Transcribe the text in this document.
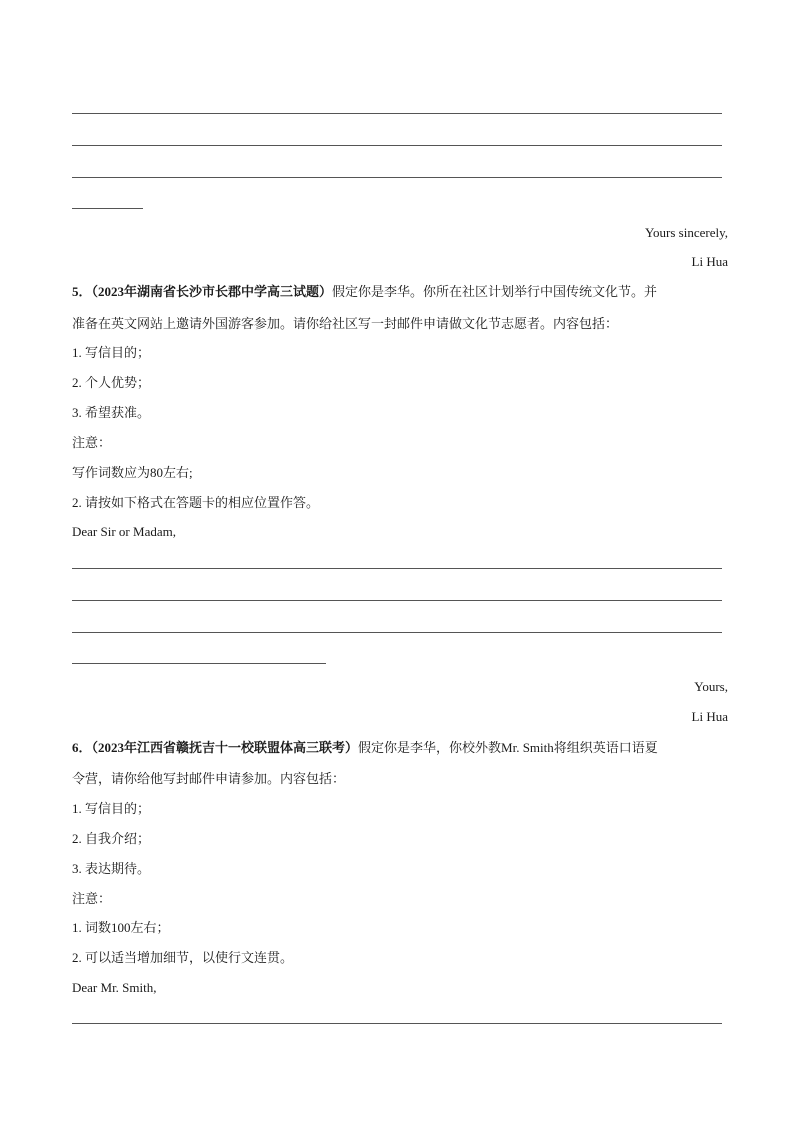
Yours sincerely,
Li Hua
5．（2023年湖南省长沙市长郡中学高三试题）假定你是李华。你所在社区计划举行中国传统文化节。并
准备在英文网站上邀请外国游客参加。请你给社区写一封邮件申请做文化节志愿者。内容包括：
1. 写信目的；
2. 个人优势；
3. 希望获准。
注意：
写作词数应为80左右;
2. 请按如下格式在答题卡的相应位置作答。
Dear Sir or Madam,
Yours,
Li Hua
6．（2023年江西省赣抚吉十一校联盟体高三联考）假定你是李华，你校外教Mr. Smith将组织英语口语夏
令营，请你给他写封邮件申请参加。内容包括：
1. 写信目的；
2. 自我介绍；
3. 表达期待。
注意：
1. 词数100左右；
2. 可以适当增加细节，以使行文连贯。
Dear Mr. Smith,
